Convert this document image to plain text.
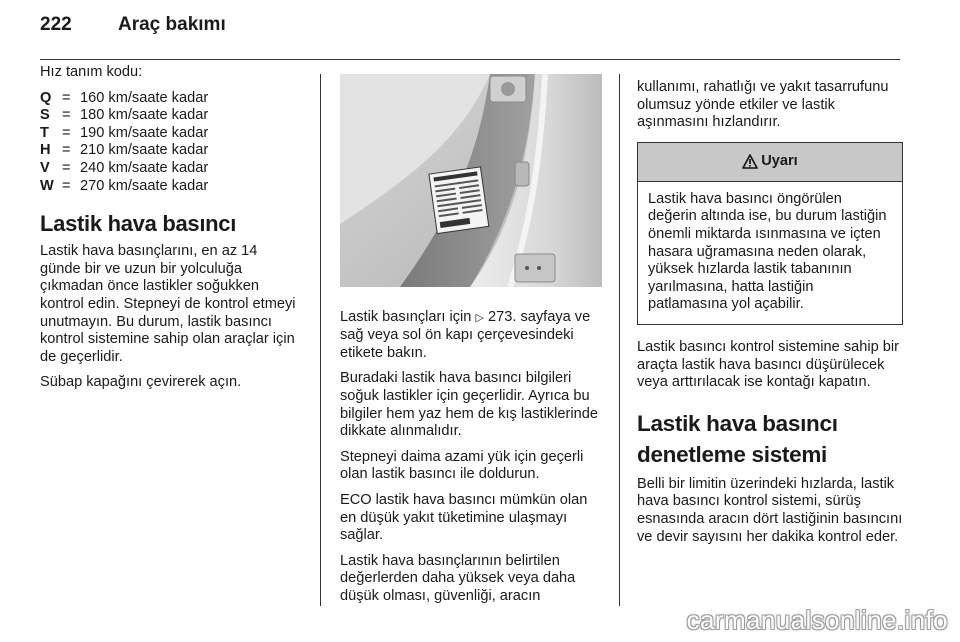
222	Araç bakımı

Hız tanım kodu:

Q = 160 km/saate kadar
S = 180 km/saate kadar
T = 190 km/saate kadar
H = 210 km/saate kadar
V = 240 km/saate kadar
W = 270 km/saate kadar
Lastik hava basıncı

Lastik hava basınçlarını, en az 14 günde bir ve uzun bir yolculuğa çıkmadan önce lastikler soğukken kontrol edin. Stepneyi de kontrol etmeyi unutmayın. Bu durum, lastik basıncı kontrol sistemine sahip olan araçlar için de geçerlidir.

Sübap kapağını çevirerek açın.

Lastik basınçları için ▷ 273. sayfaya ve sağ veya sol ön kapı çerçevesindeki etikete bakın.

Buradaki lastik hava basıncı bilgileri soğuk lastikler için geçerlidir. Ayrıca bu bilgiler hem yaz hem de kış lastiklerinde dikkate alınmalıdır.

Stepneyi daima azami yük için geçerli olan lastik basıncı ile doldurun.

ECO lastik hava basıncı mümkün olan en düşük yakıt tüketimine ulaşmayı sağlar.

Lastik hava basınçlarının belirtilen değerlerden daha yüksek veya daha düşük olması, güvenliği, aracın

kullanımı, rahatlığı ve yakıt tasarrufunu olumsuz yönde etkiler ve lastik aşınmasını hızlandırır.

Uyarı
Lastik hava basıncı öngörülen değerin altında ise, bu durum lastiğin önemli miktarda ısınmasına ve içten hasara uğramasına neden olarak, yüksek hızlarda lastik tabanının yarılmasına, hatta lastiğin patlamasına yol açabilir.

Lastik basıncı kontrol sistemine sahip bir araçta lastik hava basıncı düşürülecek veya arttırılacak ise kontağı kapatın.

Lastik hava basıncı denetleme sistemi

Belli bir limitin üzerindeki hızlarda, lastik hava basıncı kontrol sistemi, sürüş esnasında aracın dört lastiğinin basıncını ve devir sayısını her dakika kontrol eder.

carmanualsonline.info
